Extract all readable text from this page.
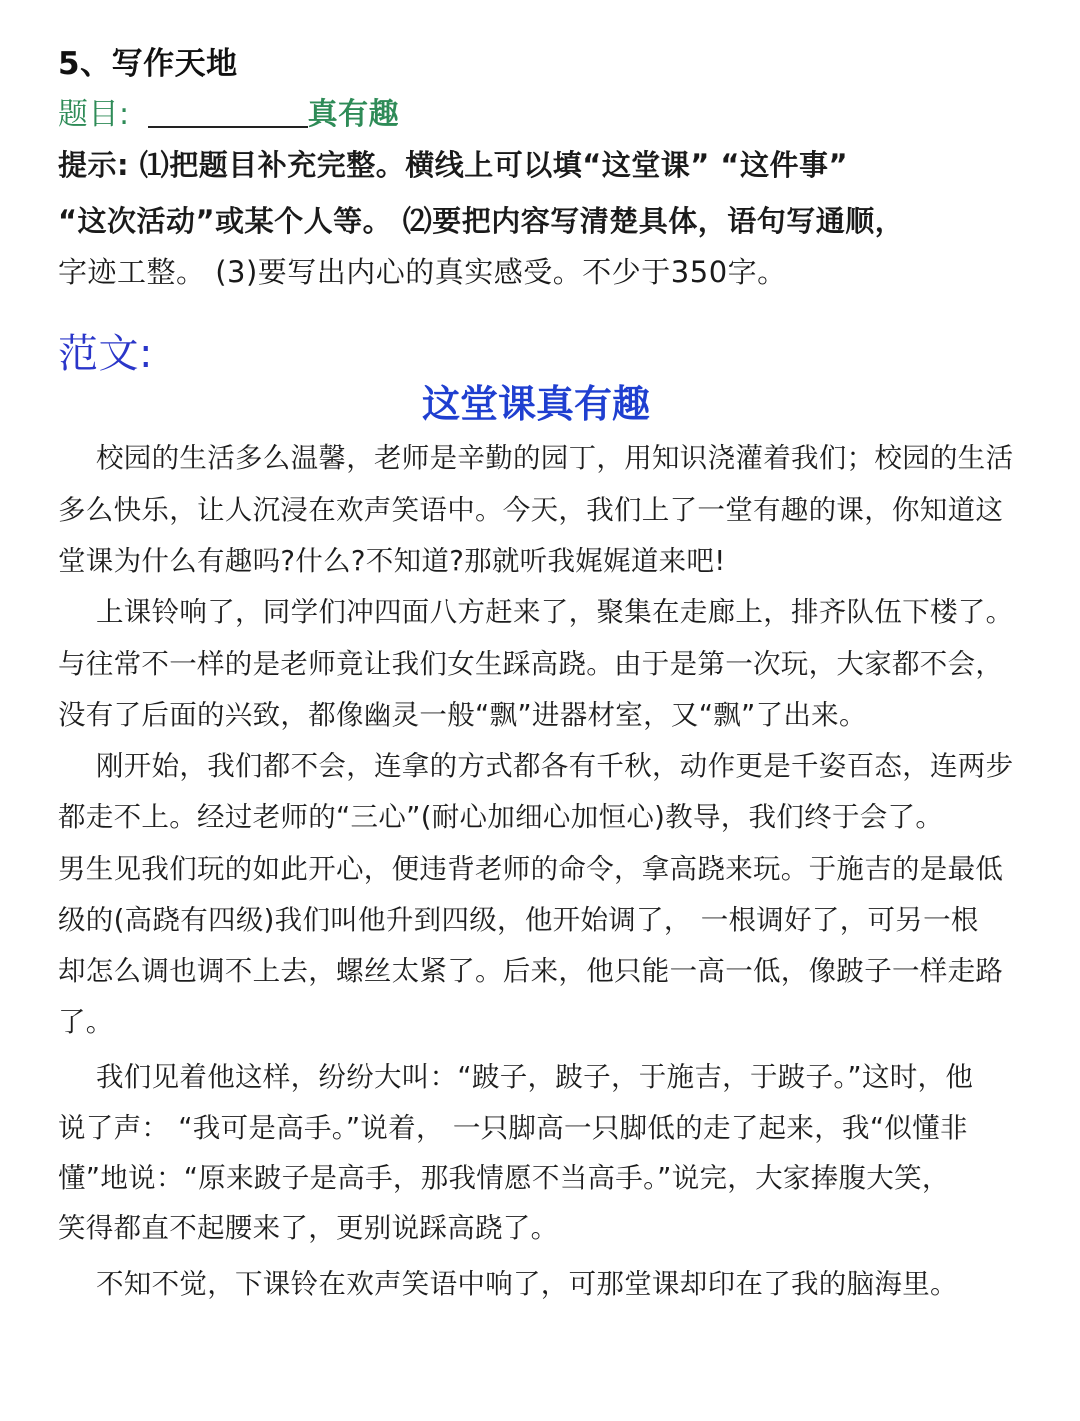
5、写作天地
题目:	真有趣
提示: ⑴把题目补充完整。横线上可以填“这堂课” “这件事”
“这次活动”或某个人等。 ⑵要把内容写清楚具体，语句写通顺，
字迹工整。 (3)要写出内心的真实感受。不少于350字。
范文:
这堂课真有趣
校园的生活多么温馨，老师是辛勤的园丁，用知识浇灌着我们；校园的生活
多么快乐，让人沉浸在欢声笑语中。今天，我们上了一堂有趣的课，你知道这
堂课为什么有趣吗?什么?不知道?那就听我娓娓道来吧!
上课铃响了，同学们冲四面八方赶来了，聚集在走廊上，排齐队伍下楼了。
与往常不一样的是老师竟让我们女生踩高跷。由于是第一次玩，大家都不会，
没有了后面的兴致，都像幽灵一般“飘”进器材室，又“飘”了出来。
刚开始，我们都不会，连拿的方式都各有千秋，动作更是千姿百态，连两步
都走不上。经过老师的“三心”(耐心加细心加恒心)教导，我们终于会了。
男生见我们玩的如此开心，便违背老师的命令，拿高跷来玩。于施吉的是最低
级的(高跷有四级)我们叫他升到四级，他开始调了， 一根调好了，可另一根
却怎么调也调不上去，螺丝太紧了。后来，他只能一高一低，像跛子一样走路
了。
我们见着他这样，纷纷大叫：“跛子，跛子，于施吉，于跛子。”这时，他
说了声： “我可是高手。”说着， 一只脚高一只脚低的走了起来，我“似懂非
懂”地说：“原来跛子是高手，那我情愿不当高手。”说完，大家捧腹大笑，
笑得都直不起腰来了，更别说踩高跷了。
不知不觉，下课铃在欢声笑语中响了，可那堂课却印在了我的脑海里。
